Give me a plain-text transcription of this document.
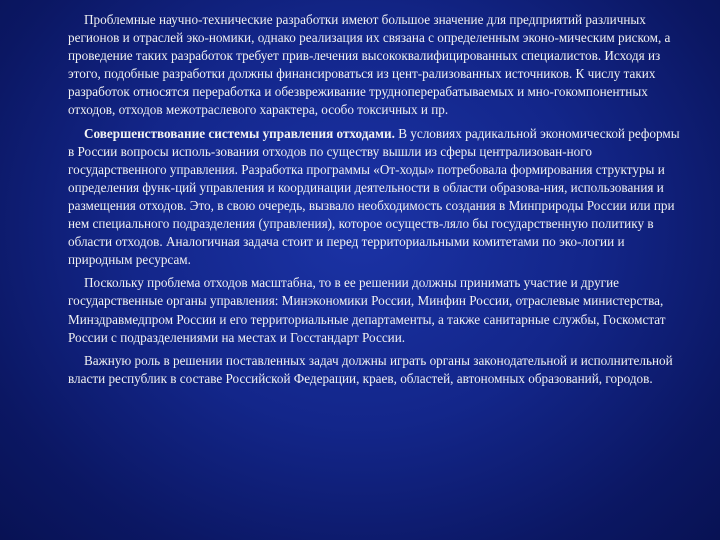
Проблемные научно-технические разработки имеют большое значение для предприятий различных регионов и отраслей эко-номики, однако реализация их связана с определенным эконо-мическим риском, а проведение таких разработок требует прив-лечения высококвалифицированных специалистов. Исходя из этого, подобные разработки должны финансироваться из цент-рализованных источников. К числу таких разработок относятся переработка и обезвреживание трудноперерабатываемых и мно-гокомпонентных отходов, отходов межотраслевого характера, особо токсичных и пр.

Совершенствование системы управления отходами. В условиях радикальной экономической реформы в России вопросы исполь-зования отходов по существу вышли из сферы централизован-ного государственного управления. Разработка программы «От-ходы» потребовала формирования структуры и определения функ-ций управления и координации деятельности в области образова-ния, использования и размещения отходов. Это, в свою очередь, вызвало необходимость создания в Минприроды России или при нем специального подразделения (управления), которое осуществ-ляло бы государственную политику в области отходов. Аналогичная задача стоит и перед территориальными комитетами по эко-логии и природным ресурсам.

Поскольку проблема отходов масштабна, то в ее решении должны принимать участие и другие государственные органы управления: Минэкономики России, Минфин России, отраслевые министерства, Минздравмедпром России и его территориальные департаменты, а также санитарные службы, Госкомстат России с подразделениями на местах и Госстандарт России.

Важную роль в решении поставленных задач должны играть органы законодательной и исполнительной власти республик в составе Российской Федерации, краев, областей, автономных образований, городов.
